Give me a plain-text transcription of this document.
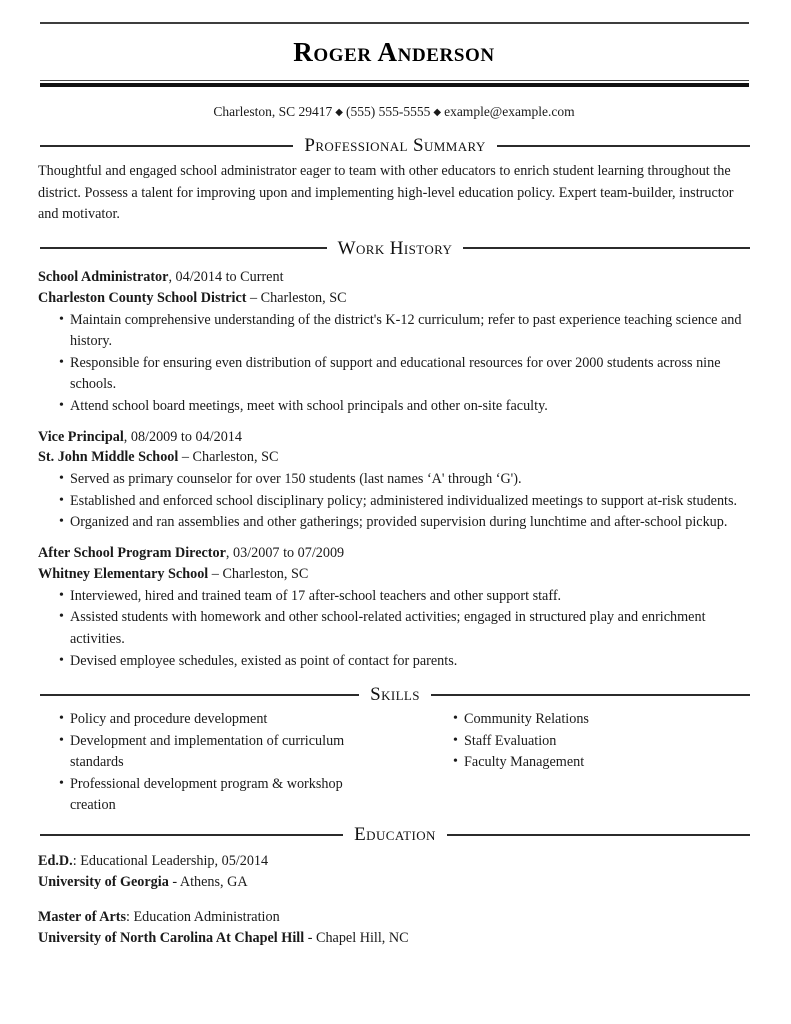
Roger Anderson
Charleston, SC 29417 ◆ (555) 555-5555 ◆ example@example.com
Professional Summary

Thoughtful and engaged school administrator eager to team with other educators to enrich student learning throughout the district. Possess a talent for improving upon and implementing high-level education policy. Expert team-builder, instructor and motivator.

Work History
School Administrator, 04/2014 to Current
Charleston County School District – Charleston, SC
• Maintain comprehensive understanding of the district's K-12 curriculum; refer to past experience teaching science and history.
• Responsible for ensuring even distribution of support and educational resources for over 2000 students across nine schools.
• Attend school board meetings, meet with school principals and other on-site faculty.
Vice Principal, 08/2009 to 04/2014
St. John Middle School – Charleston, SC
• Served as primary counselor for over 150 students (last names ‘A' through ‘G').
• Established and enforced school disciplinary policy; administered individualized meetings to support at-risk students.
• Organized and ran assemblies and other gatherings; provided supervision during lunchtime and after-school pickup.
After School Program Director, 03/2007 to 07/2009
Whitney Elementary School – Charleston, SC
• Interviewed, hired and trained team of 17 after-school teachers and other support staff.
• Assisted students with homework and other school-related activities; engaged in structured play and enrichment activities.
• Devised employee schedules, existed as point of contact for parents.
Skills
• Policy and procedure development
• Development and implementation of curriculum standards
• Professional development program & workshop creation
• Community Relations
• Staff Evaluation
• Faculty Management
Education
Ed.D.: Educational Leadership, 05/2014
University of Georgia - Athens, GA
Master of Arts: Education Administration
University of North Carolina At Chapel Hill - Chapel Hill, NC
